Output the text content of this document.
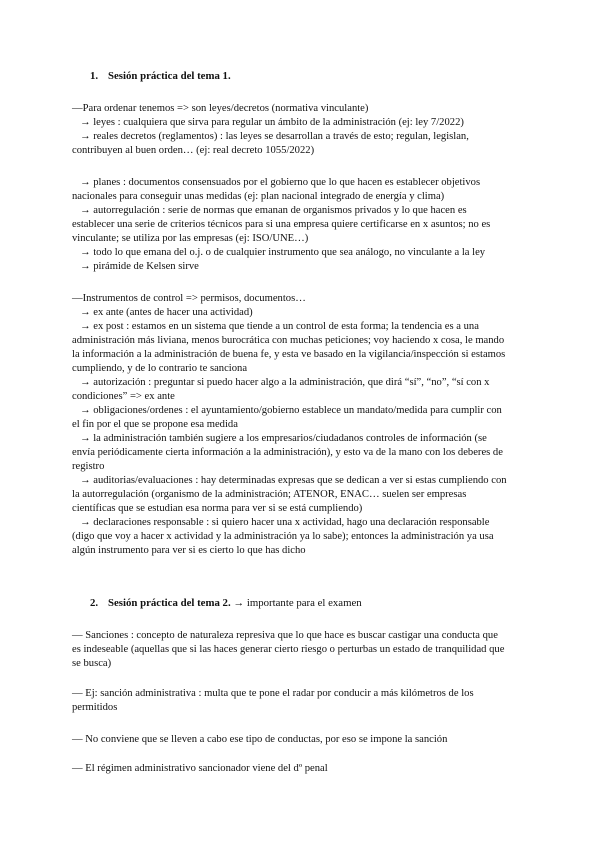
1. Sesión práctica del tema 1.
—Para ordenar tenemos => son leyes/decretos (normativa vinculante)
→ leyes : cualquiera que sirva para regular un ámbito de la administración (ej: ley 7/2022)
→ reales decretos (reglamentos) : las leyes se desarrollan a través de esto; regulan, legislan,
contribuyen al buen orden… (ej: real decreto 1055/2022)
→ planes : documentos consensuados por el gobierno que lo que hacen es establecer objetivos
nacionales para conseguir unas medidas (ej: plan nacional integrado de energía y clima)
→ autorregulación : serie de normas que emanan de organismos privados y lo que hacen es
establecer una serie de criterios técnicos para si una empresa quiere certificarse en x asuntos; no es
vinculante; se utiliza por las empresas (ej: ISO/UNE…)
→ todo lo que emana del o.j. o de cualquier instrumento que sea análogo, no vinculante a la ley
→ pirámide de Kelsen sirve
—Instrumentos de control => permisos, documentos…
→ ex ante (antes de hacer una actividad)
→ ex post : estamos en un sistema que tiende a un control de esta forma; la tendencia es a una
administración más liviana, menos burocrática con muchas peticiones; voy haciendo x cosa, le mando
la información a la administración de buena fe, y esta ve basado en la vigilancia/inspección si estamos
cumpliendo, y de lo contrario te sanciona
→ autorización : preguntar si puedo hacer algo a la administración, que dirá “sí”, “no”, “sí con x
condiciones” => ex ante
→ obligaciones/ordenes : el ayuntamiento/gobierno establece un mandato/medida para cumplir con
el fin por el que se propone esa medida
→ la administración también sugiere a los empresarios/ciudadanos controles de información (se
envía periódicamente cierta información a la administración), y esto va de la mano con los deberes de
registro
→ auditorias/evaluaciones : hay determinadas expresas que se dedican a ver si estas cumpliendo con
la autorregulación (organismo de la administración; ATENOR, ENAC… suelen ser empresas
científicas que se estudian esa norma para ver si se está cumpliendo)
→ declaraciones responsable : si quiero hacer una x actividad, hago una declaración responsable
(digo que voy a hacer x actividad y la administración ya lo sabe); entonces la administración ya usa
algún instrumento para ver si es cierto lo que has dicho
2. Sesión práctica del tema 2. → importante para el examen
— Sanciones : concepto de naturaleza represiva que lo que hace es buscar castigar una conducta que
es indeseable (aquellas que si las haces generar cierto riesgo o perturbas un estado de tranquilidad que
se busca)
— Ej: sanción administrativa : multa que te pone el radar por conducir a más kilómetros de los
permitidos
— No conviene que se lleven a cabo ese tipo de conductas, por eso se impone la sanción
— El régimen administrativo sancionador viene del dº penal
